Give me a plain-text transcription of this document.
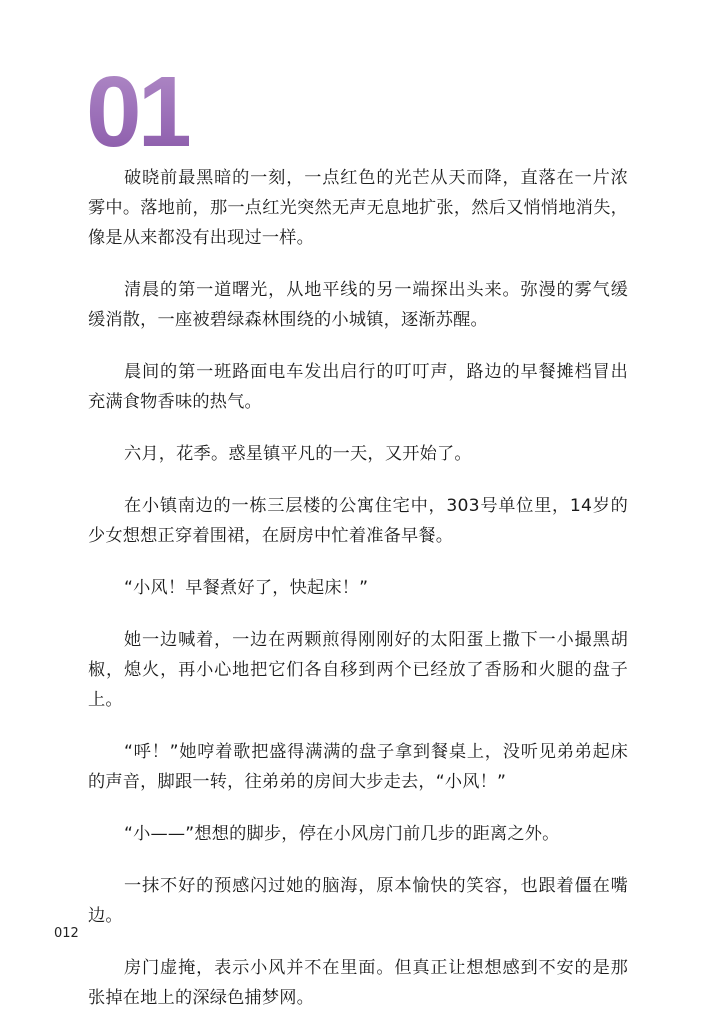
01

破晓前最黑暗的一刻，一点红色的光芒从天而降，直落在一片浓雾中。落地前，那一点红光突然无声无息地扩张，然后又悄悄地消失，像是从来都没有出现过一样。

清晨的第一道曙光，从地平线的另一端探出头来。弥漫的雾气缓缓消散，一座被碧绿森林围绕的小城镇，逐渐苏醒。

晨间的第一班路面电车发出启行的叮叮声，路边的早餐摊档冒出充满食物香味的热气。

六月，花季。惑星镇平凡的一天，又开始了。

在小镇南边的一栋三层楼的公寓住宅中，303号单位里，14岁的少女想想正穿着围裙，在厨房中忙着准备早餐。

“小风！早餐煮好了，快起床！”

她一边喊着，一边在两颗煎得刚刚好的太阳蛋上撒下一小撮黑胡椒，熄火，再小心地把它们各自移到两个已经放了香肠和火腿的盘子上。

“呼！”她哼着歌把盛得满满的盘子拿到餐桌上，没听见弟弟起床的声音，脚跟一转，往弟弟的房间大步走去，“小风！”

“小——”想想的脚步，停在小风房门前几步的距离之外。

一抹不好的预感闪过她的脑海，原本愉快的笑容，也跟着僵在嘴边。

房门虚掩，表示小风并不在里面。但真正让想想感到不安的是那张掉在地上的深绿色捕梦网。

012
